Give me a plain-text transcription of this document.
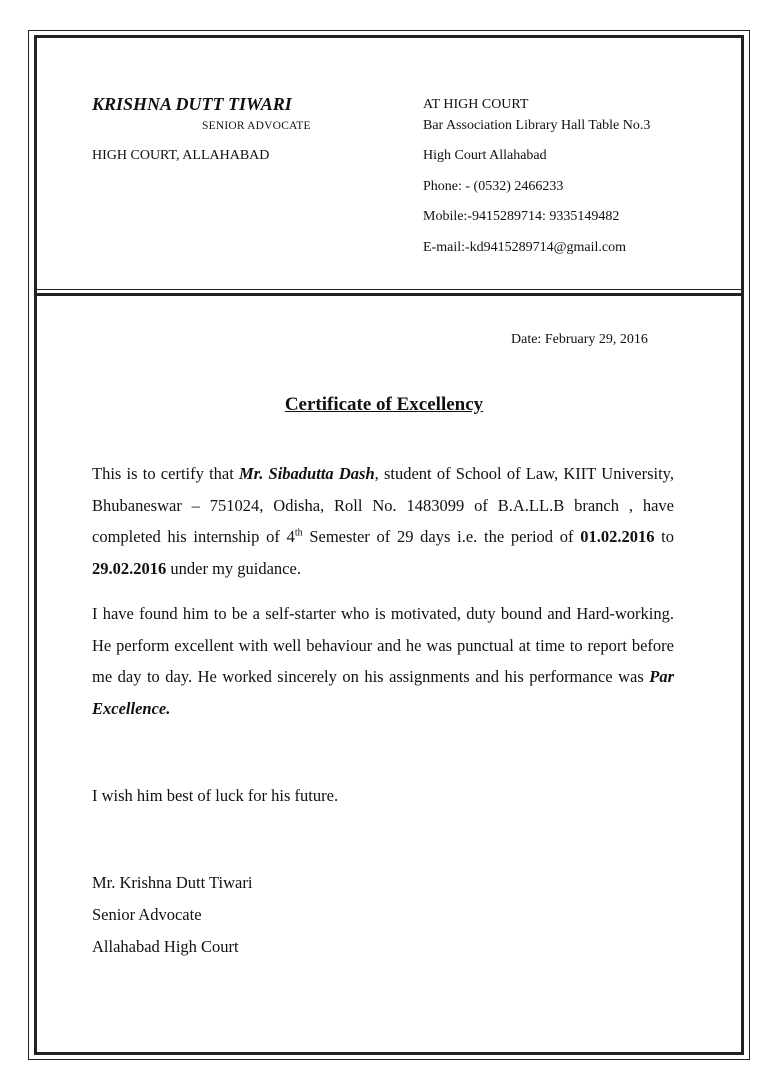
KRISHNA DUTT TIWARI
SENIOR ADVOCATE
HIGH COURT, ALLAHABAD
AT HIGH COURT
Bar Association Library Hall Table No.3
High Court Allahabad
Phone: - (0532) 2466233
Mobile:-9415289714: 9335149482
E-mail:-kd9415289714@gmail.com
Date: February 29, 2016
Certificate of Excellency
This is to certify that Mr. Sibadutta Dash, student of School of Law, KIIT University, Bhubaneswar – 751024, Odisha, Roll No. 1483099 of B.A.LL.B branch , have completed his internship of 4th Semester of 29 days i.e. the period of 01.02.2016 to 29.02.2016 under my guidance.
I have found him to be a self-starter who is motivated, duty bound and Hard-working. He perform excellent with well behaviour and he was punctual at time to report before me day to day. He worked sincerely on his assignments and his performance was Par Excellence.
I wish him best of luck for his future.
Mr. Krishna Dutt Tiwari
Senior Advocate
Allahabad High Court
